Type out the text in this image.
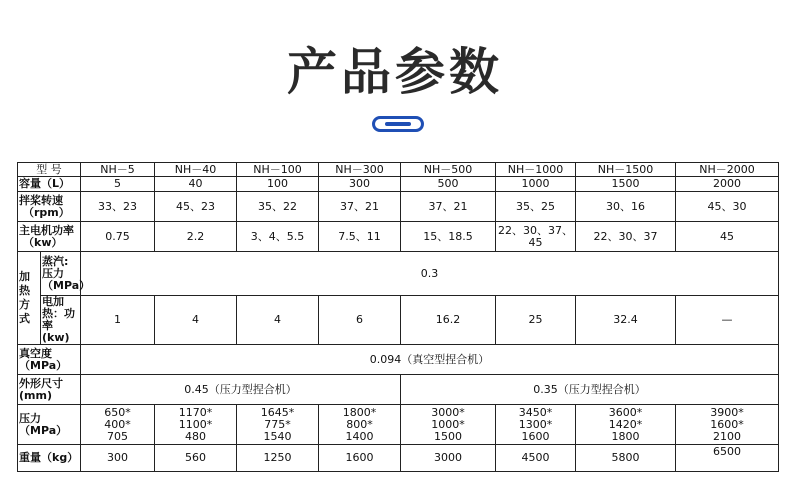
产品参数
型 号		NH－5	NH－40	NH－100	NH－300	NH－500	NH－1000	NH－1500	NH－2000
容量（L）		5	40	100	300	500	1000	1500	2000

拌桨转速
（rpm）		33、23	45、23	35、22	37、21	37、21	35、25	30、16	45、30

主电机功率
（kw）		0.75	2.2	3、4、5.5	7.5、11	15、18.5	22、30、37、45	22、30、37	45

加
热
方
式	蒸汽:
压力
（MPa）	0.3							

	电加
热：功
率(kw)	1	4	4	6	16.2	25	32.4	—

真空度
（MPa）		0.094（真空型捏合机）							

外形尺寸
(mm)		0.45（压力型捏合机）				0.35（压力型捏合机）			
压力（MPa）		650*
400*
705	1170*
1100*
480	1645*
775*
1540	1800*
800*
1400	3000*
1000*
1500	3450*
1300*
1600	3600*
1420*
1800	3900*
1600*
2100

重量（kg）		300	560	1250	1600	3000	4500	5800	6500
